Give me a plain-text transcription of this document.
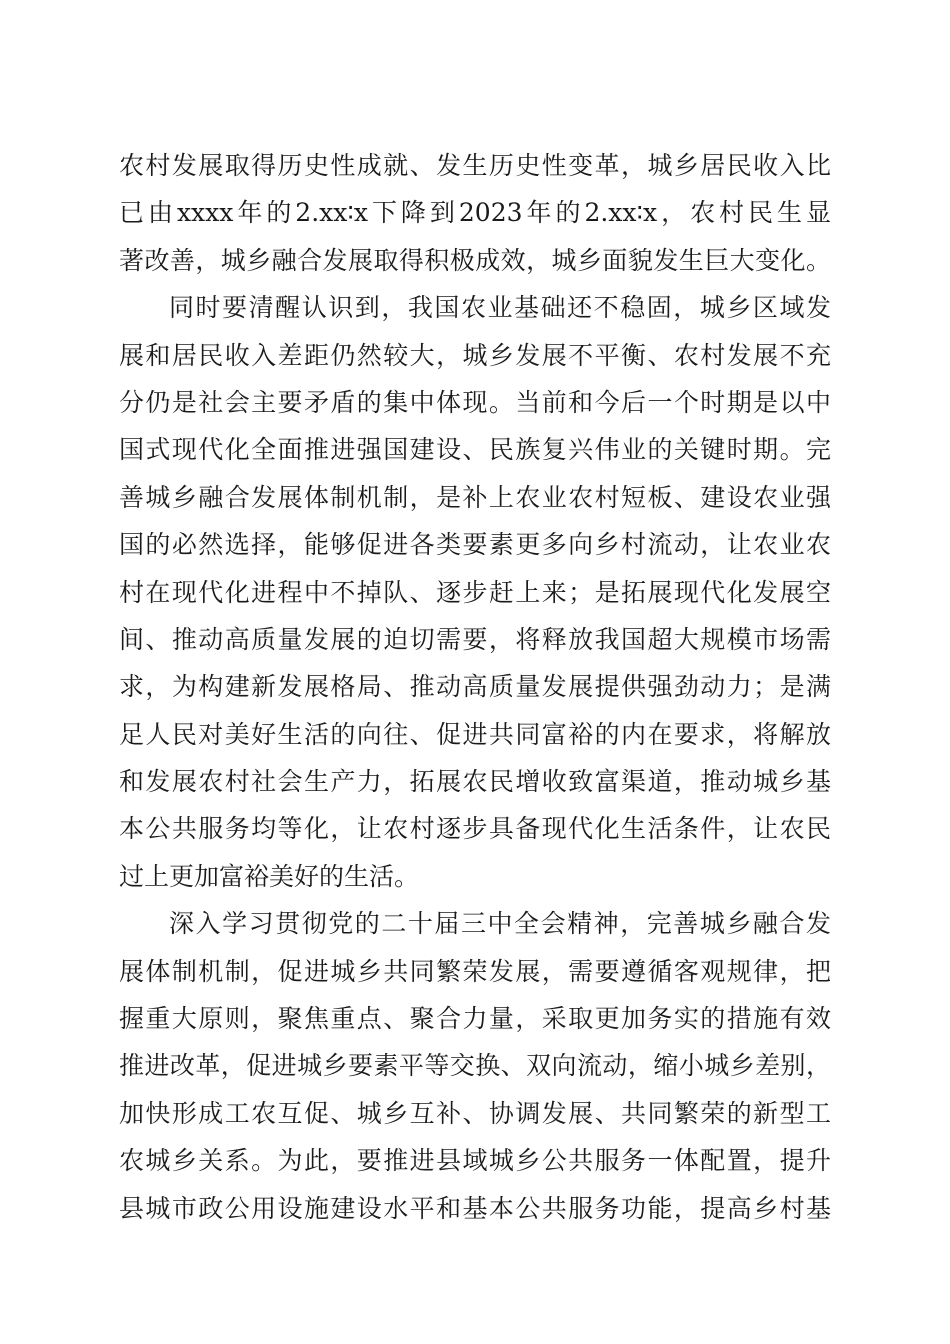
农村发展取得历史性成就、发生历史性变革，城乡居民收入比
已由xxxx年的2.xx∶x下降到2023年的2.xx∶x，农村民生显
著改善，城乡融合发展取得积极成效，城乡面貌发生巨大变化。
同时要清醒认识到，我国农业基础还不稳固，城乡区域发
展和居民收入差距仍然较大，城乡发展不平衡、农村发展不充
分仍是社会主要矛盾的集中体现。当前和今后一个时期是以中
国式现代化全面推进强国建设、民族复兴伟业的关键时期。完
善城乡融合发展体制机制，是补上农业农村短板、建设农业强
国的必然选择，能够促进各类要素更多向乡村流动，让农业农
村在现代化进程中不掉队、逐步赶上来；是拓展现代化发展空
间、推动高质量发展的迫切需要，将释放我国超大规模市场需
求，为构建新发展格局、推动高质量发展提供强劲动力；是满
足人民对美好生活的向往、促进共同富裕的内在要求，将解放
和发展农村社会生产力，拓展农民增收致富渠道，推动城乡基
本公共服务均等化，让农村逐步具备现代化生活条件，让农民
过上更加富裕美好的生活。
深入学习贯彻党的二十届三中全会精神，完善城乡融合发
展体制机制，促进城乡共同繁荣发展，需要遵循客观规律，把
握重大原则，聚焦重点、聚合力量，采取更加务实的措施有效
推进改革，促进城乡要素平等交换、双向流动，缩小城乡差别，
加快形成工农互促、城乡互补、协调发展、共同繁荣的新型工
农城乡关系。为此，要推进县域城乡公共服务一体配置，提升
县城市政公用设施建设水平和基本公共服务功能，提高乡村基
